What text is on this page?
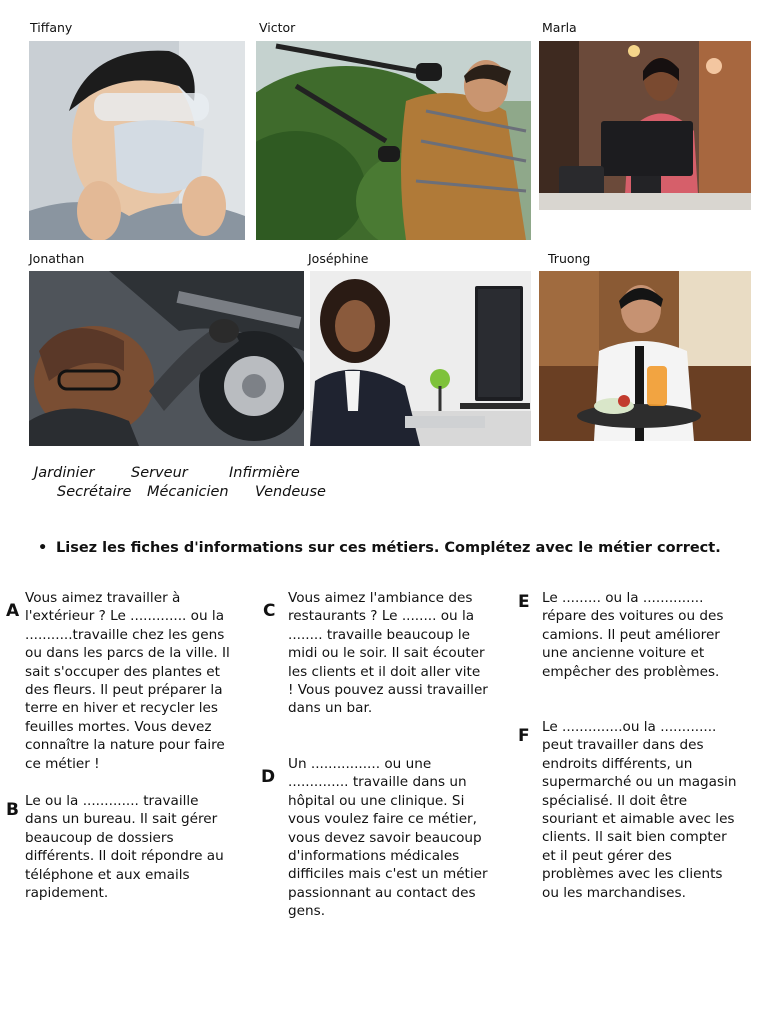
Tiffany	Victor	Marla
Jonathan	Joséphine	Truong
Jardinier	Serveur	Infirmière
Secrétaire Mécanicien Vendeuse
• Lisez les fiches d'informations sur ces métiers. Complétez avec le métier correct.
A
Vous aimez travailler à l'extérieur ? Le ............. ou la ...........travaille chez les gens ou dans les parcs de la ville. Il sait s'occuper des plantes et des fleurs. Il peut préparer la terre en hiver et recycler les feuilles mortes. Vous devez connaître la nature pour faire ce métier !
B Le ou la ............. travaille dans un bureau. Il sait gérer beaucoup de dossiers différents. Il doit répondre au téléphone et aux emails rapidement.
C
Vous aimez l'ambiance des restaurants ? Le ........ ou la ........ travaille beaucoup le midi ou le soir. Il sait écouter les clients et il doit aller vite ! Vous pouvez aussi travailler dans un bar.
D
Un ................ ou une .............. travaille dans un hôpital ou une clinique. Si vous voulez faire ce métier, vous devez savoir beaucoup d'informations médicales difficiles mais c'est un métier passionnant au contact des gens.
E Le ......... ou la .............. répare des voitures ou des camions. Il peut améliorer une ancienne voiture et empêcher des problèmes.
F Le ..............ou la ............. peut travailler dans des endroits différents, un supermarché ou un magasin spécialisé. Il doit être souriant et aimable avec les clients. Il sait bien compter et il peut gérer des problèmes avec les clients ou les marchandises.
